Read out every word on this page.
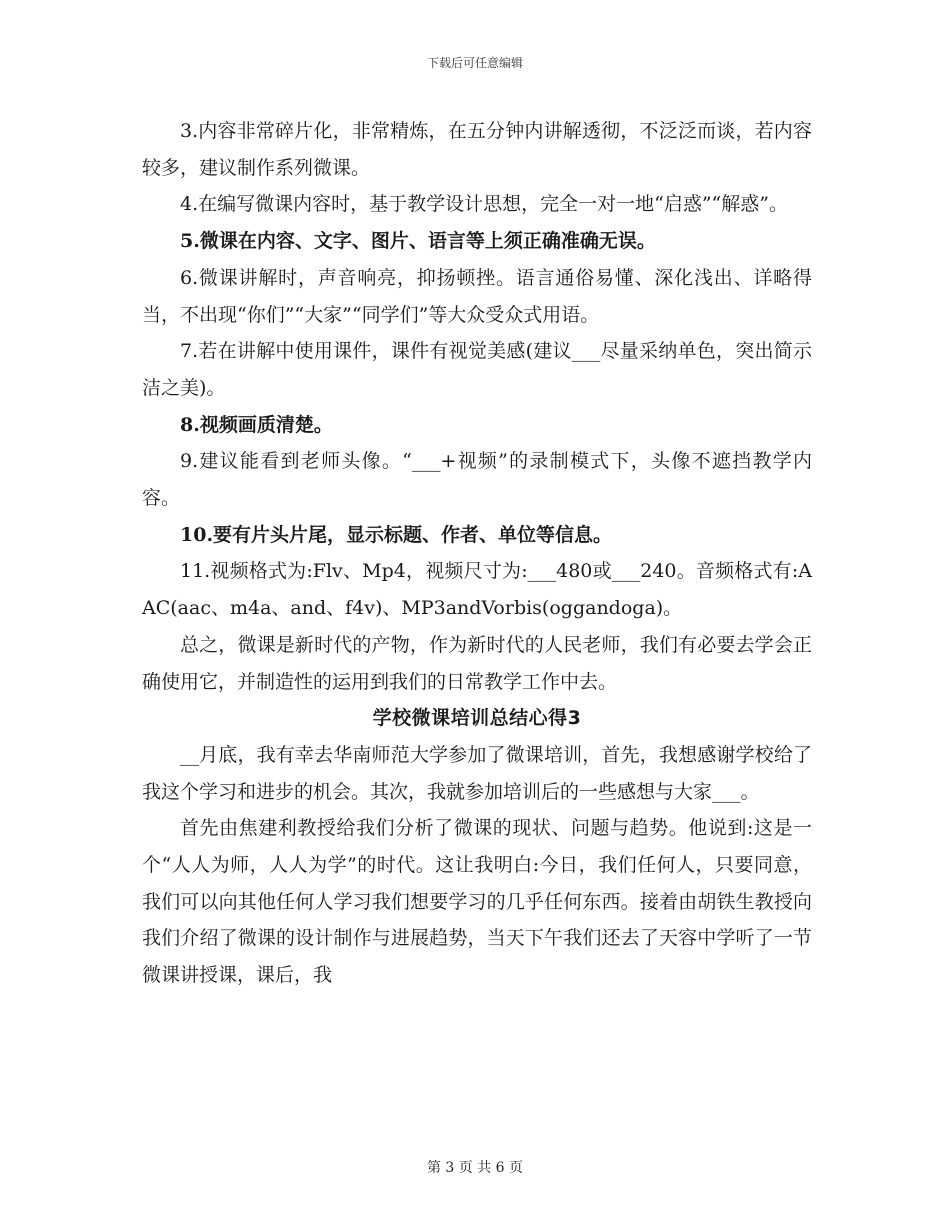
下载后可任意编辑

3.内容非常碎片化，非常精炼，在五分钟内讲解透彻，不泛泛而谈，若内容较多，建议制作系列微课。

4.在编写微课内容时，基于教学设计思想，完全一对一地“启惑”“解惑”。

5.微课在内容、文字、图片、语言等上须正确准确无误。

6.微课讲解时，声音响亮，抑扬顿挫。语言通俗易懂、深化浅出、详略得当，不出现“你们”“大家”“同学们”等大众受众式用语。

7.若在讲解中使用课件，课件有视觉美感(建议___尽量采纳单色，突出简示洁之美)。

8.视频画质清楚。

9.建议能看到老师头像。“___+视频”的录制模式下，头像不遮挡教学内容。

10.要有片头片尾，显示标题、作者、单位等信息。

11.视频格式为:Flv、Mp4，视频尺寸为:___480或___240。音频格式有:AAC(aac、m4a、and、f4v)、MP3andVorbis(oggandoga)。

总之，微课是新时代的产物，作为新时代的人民老师，我们有必要去学会正确使用它，并制造性的运用到我们的日常教学工作中去。

学校微课培训总结心得3

__月底，我有幸去华南师范大学参加了微课培训，首先，我想感谢学校给了我这个学习和进步的机会。其次，我就参加培训后的一些感想与大家___。

首先由焦建利教授给我们分析了微课的现状、问题与趋势。他说到:这是一个“人人为师，人人为学”的时代。这让我明白:今日，我们任何人，只要同意，我们可以向其他任何人学习我们想要学习的几乎任何东西。接着由胡铁生教授向我们介绍了微课的设计制作与进展趋势，当天下午我们还去了天容中学听了一节微课讲授课，课后，我

第 3 页 共 6 页
